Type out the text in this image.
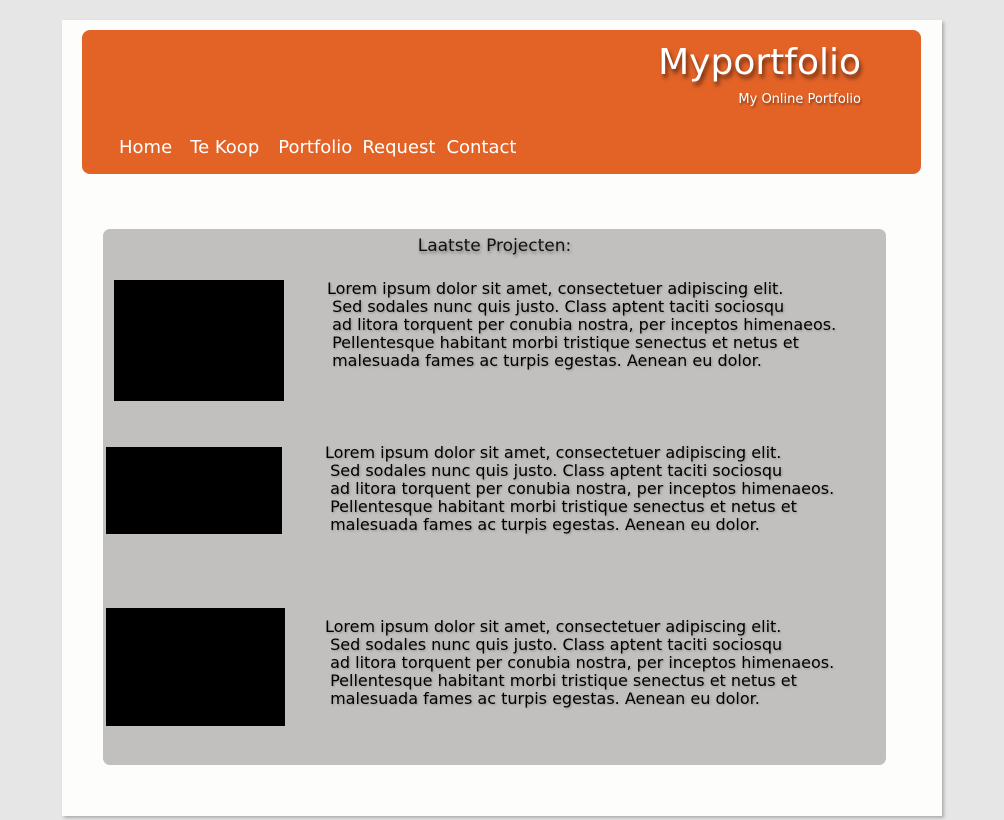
Myportfolio

My Online Portfolio

Home Te Koop Portfolio Request Contact
Laatste Projecten:

Lorem ipsum dolor sit amet, consectetuer adipiscing elit.
Sed sodales nunc quis justo. Class aptent taciti sociosqu
ad litora torquent per conubia nostra, per inceptos himenaeos.
Pellentesque habitant morbi tristique senectus et netus et
malesuada fames ac turpis egestas. Aenean eu dolor.

Lorem ipsum dolor sit amet, consectetuer adipiscing elit.
Sed sodales nunc quis justo. Class aptent taciti sociosqu
ad litora torquent per conubia nostra, per inceptos himenaeos.
Pellentesque habitant morbi tristique senectus et netus et
malesuada fames ac turpis egestas. Aenean eu dolor.

Lorem ipsum dolor sit amet, consectetuer adipiscing elit.
Sed sodales nunc quis justo. Class aptent taciti sociosqu
ad litora torquent per conubia nostra, per inceptos himenaeos.
Pellentesque habitant morbi tristique senectus et netus et
malesuada fames ac turpis egestas. Aenean eu dolor.
